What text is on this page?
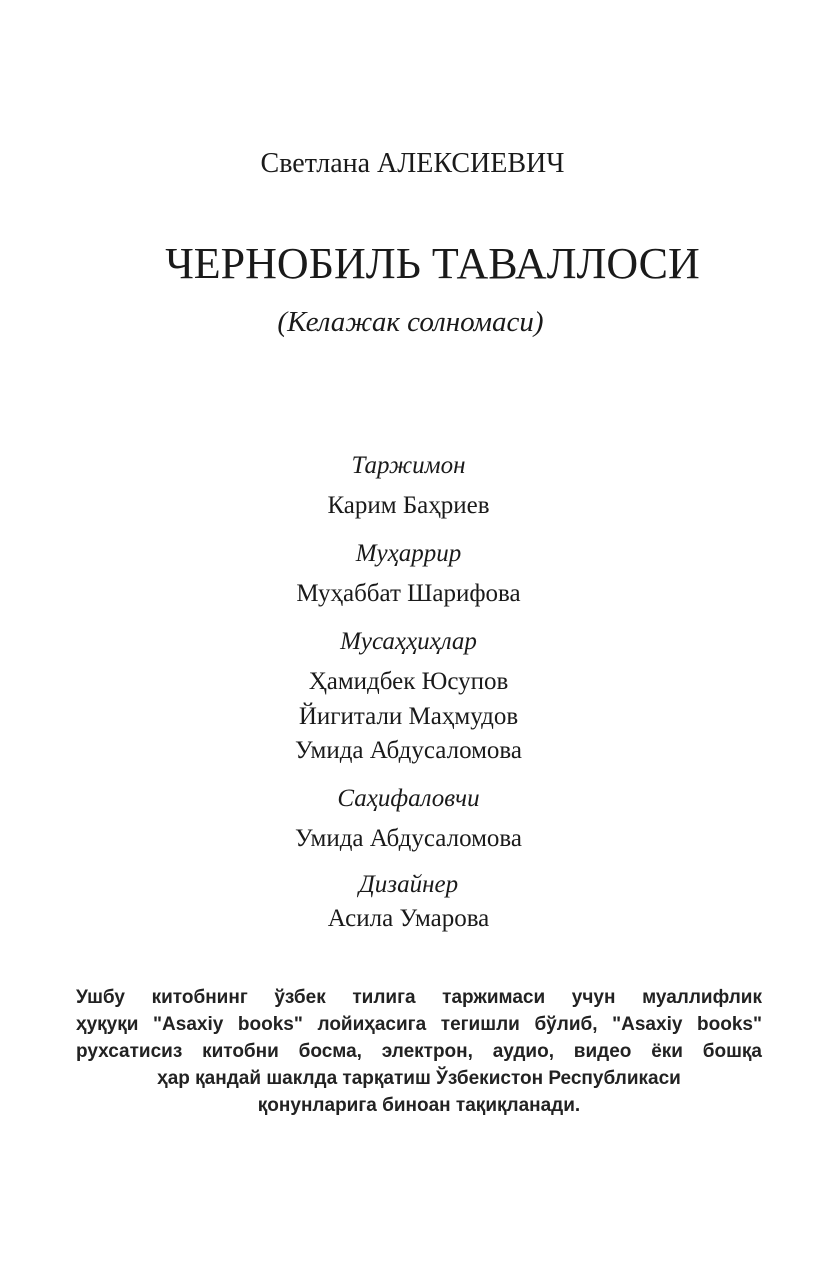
Светлана АЛЕКСИЕВИЧ
ЧЕРНОБИЛЬ ТАВАЛЛОСИ
(Келажак солномаси)
Таржимон
Карим Баҳриев
Муҳаррир
Муҳаббат Шарифова
Мусаҳҳиҳлар
Ҳамидбек Юсупов
Йигитали Маҳмудов
Умида Абдусаломова
Саҳифаловчи
Умида Абдусаломова
Дизайнер
Асила Умарова
Ушбу китобнинг ўзбек тилига таржимаси учун муаллифлик
ҳуқуқи "Asaxiy books" лойиҳасига тегишли бўлиб, "Asaxiy books"
рухсатисиз китобни босма, электрон, аудио, видео ёки бошқа
ҳар қандай шаклда тарқатиш Ўзбекистон Республикаси
қонунларига биноан тақиқланади.
